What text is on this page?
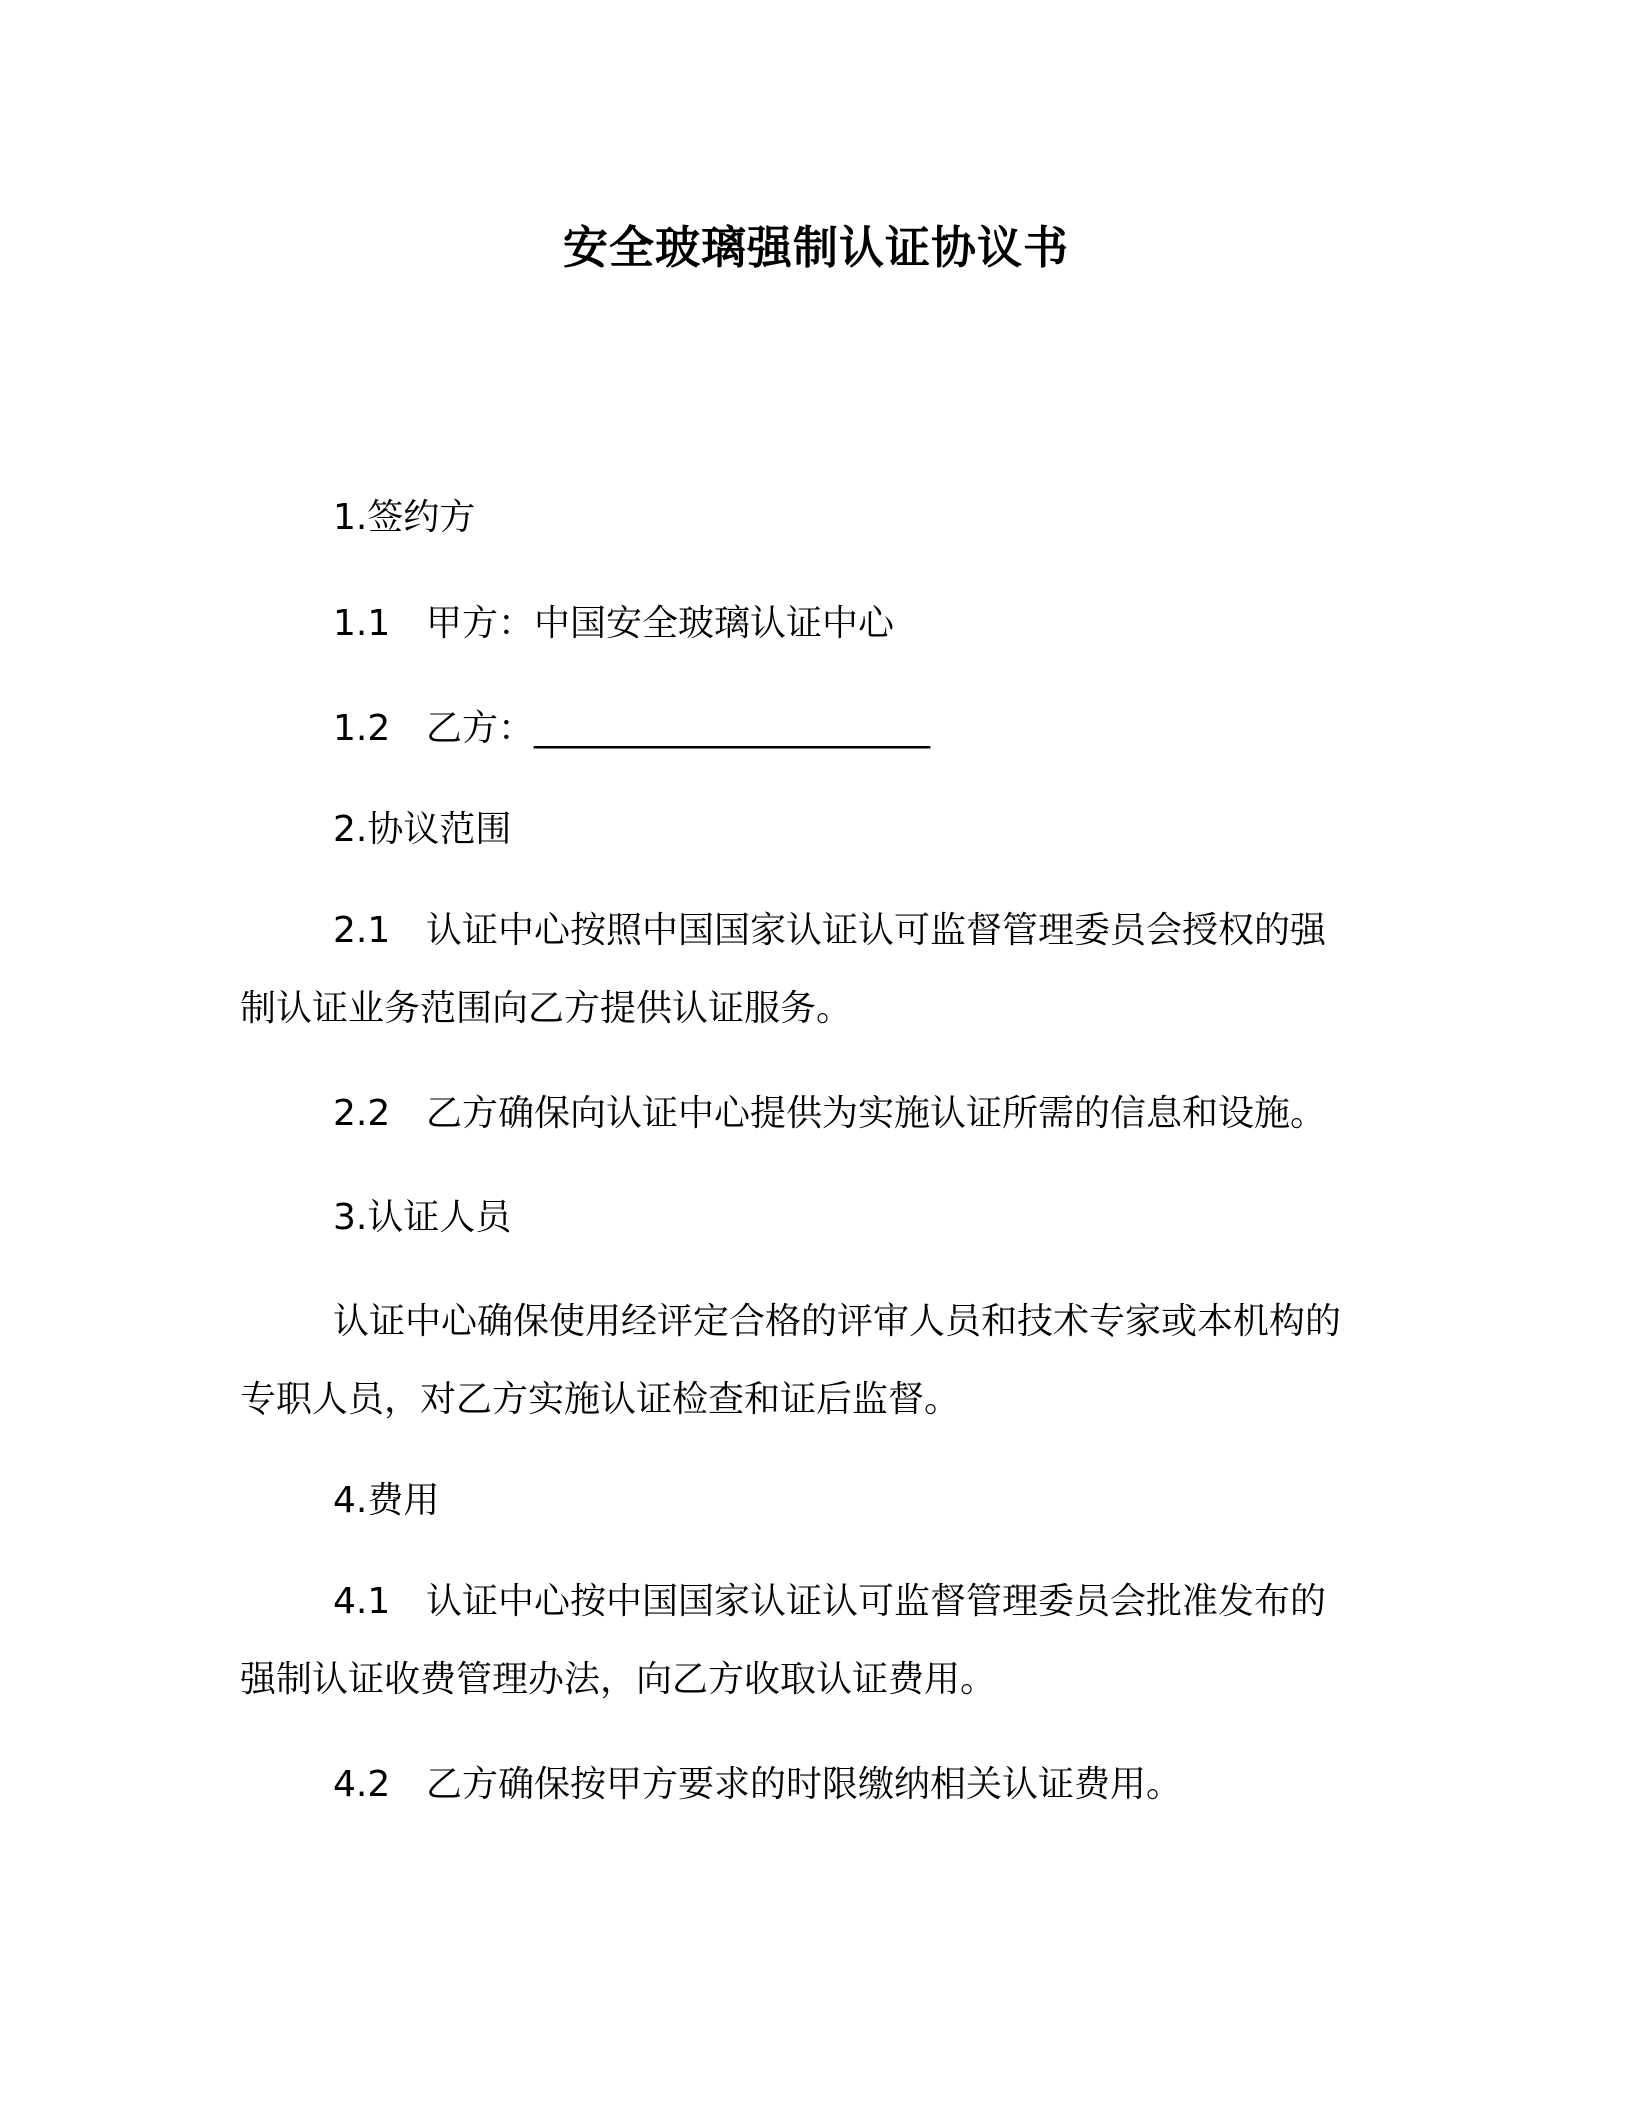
安全玻璃强制认证协议书
1.签约方
1.1 甲方：中国安全玻璃认证中心
1.2 乙方：______________________
2.协议范围
2.1 认证中心按照中国国家认证认可监督管理委员会授权的强
制认证业务范围向乙方提供认证服务。
2.2 乙方确保向认证中心提供为实施认证所需的信息和设施。
3.认证人员
认证中心确保使用经评定合格的评审人员和技术专家或本机构的
专职人员，对乙方实施认证检查和证后监督。
4.费用
4.1 认证中心按中国国家认证认可监督管理委员会批准发布的
强制认证收费管理办法，向乙方收取认证费用。
4.2 乙方确保按甲方要求的时限缴纳相关认证费用。
